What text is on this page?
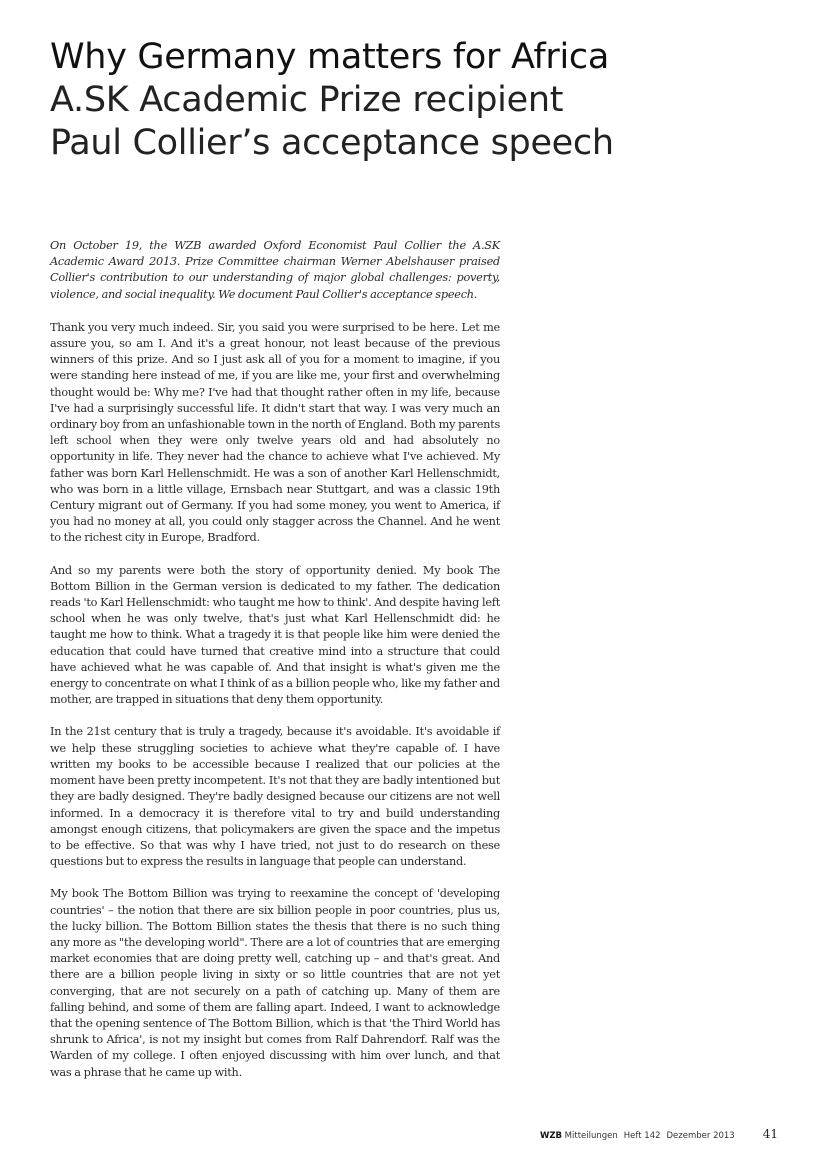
Why Germany matters for Africa
A.SK Academic Prize recipient
Paul Collier’s acceptance speech

On October 19, the WZB awarded Oxford Economist Paul Collier the A.SK Academic Award 2013. Prize Committee chairman Werner Abelshauser praised Collier's contribution to our understanding of major global challenges: poverty, violence, and social inequality. We document Paul Collier's acceptance speech.

Thank you very much indeed. Sir, you said you were surprised to be here. Let me assure you, so am I. And it's a great honour, not least because of the previous winners of this prize. And so I just ask all of you for a moment to imagine, if you were standing here instead of me, if you are like me, your first and overwhelming thought would be: Why me? I've had that thought rather often in my life, because I've had a surprisingly successful life. It didn't start that way. I was very much an ordinary boy from an unfashionable town in the north of England. Both my parents left school when they were only twelve years old and had absolutely no opportunity in life. They never had the chance to achieve what I've achieved. My father was born Karl Hellenschmidt. He was a son of another Karl Hellenschmidt, who was born in a little village, Ernsbach near Stuttgart, and was a classic 19th Century migrant out of Germany. If you had some money, you went to America, if you had no money at all, you could only stagger across the Channel. And he went to the richest city in Europe, Bradford.

And so my parents were both the story of opportunity denied. My book The Bottom Billion in the German version is dedicated to my father. The dedication reads 'to Karl Hellenschmidt: who taught me how to think'. And despite having left school when he was only twelve, that's just what Karl Hellenschmidt did: he taught me how to think. What a tragedy it is that people like him were denied the education that could have turned that creative mind into a structure that could have achieved what he was capable of. And that insight is what's given me the energy to concentrate on what I think of as a billion people who, like my father and mother, are trapped in situations that deny them opportunity.

In the 21st century that is truly a tragedy, because it's avoidable. It's avoidable if we help these struggling societies to achieve what they're capable of. I have written my books to be accessible because I realized that our policies at the moment have been pretty incompetent. It's not that they are badly intentioned but they are badly designed. They're badly designed because our citizens are not well informed. In a democracy it is therefore vital to try and build understanding amongst enough citizens, that policymakers are given the space and the impetus to be effective. So that was why I have tried, not just to do research on these questions but to express the results in language that people can understand.

My book The Bottom Billion was trying to reexamine the concept of 'developing countries' – the notion that there are six billion people in poor countries, plus us, the lucky billion. The Bottom Billion states the thesis that there is no such thing any more as "the developing world". There are a lot of countries that are emerging market economies that are doing pretty well, catching up – and that's great. And there are a billion people living in sixty or so little countries that are not yet converging, that are not securely on a path of catching up. Many of them are falling behind, and some of them are falling apart. Indeed, I want to acknowledge that the opening sentence of The Bottom Billion, which is that 'the Third World has shrunk to Africa', is not my insight but comes from Ralf Dahrendorf. Ralf was the Warden of my college. I often enjoyed discussing with him over lunch, and that was a phrase that he came up with.

WZB Mitteilungen Heft 142 Dezember 2013 41
